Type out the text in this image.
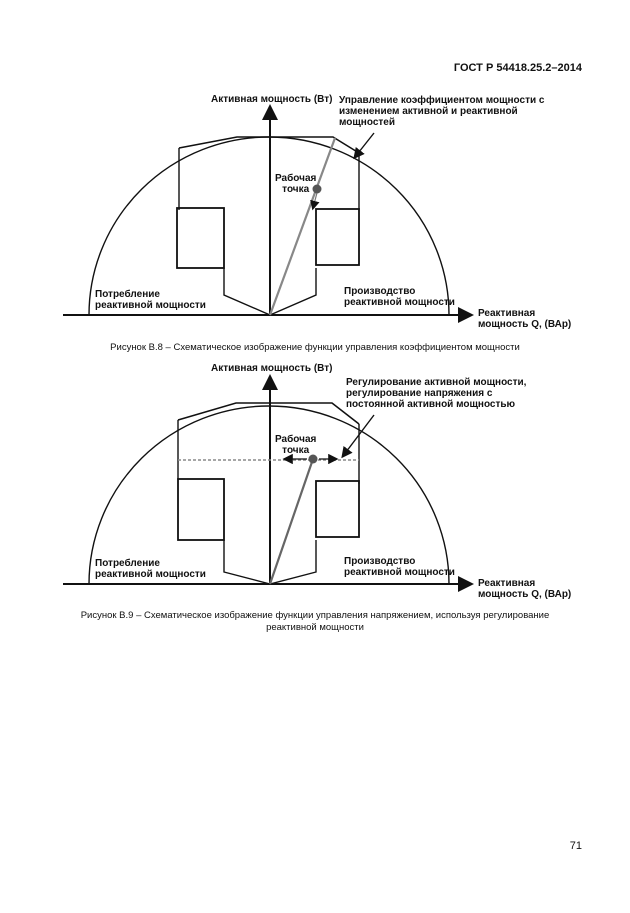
ГОСТ Р 54418.25.2–2014
Активная мощность (Вт) Управление коэффициентом мощности с
изменением активной и реактивной
мощностей
Рабочая
точка
Потребление
реактивной мощности
Производство
реактивной мощности
Реактивная
мощность Q, (ВАр)
Рисунок В.8 – Схематическое изображение функции управления коэффициентом мощности
Активная мощность (Вт)
Регулирование активной мощности,
регулирование напряжения с
постоянной активной мощностью
Рабочая
точка
Потребление
реактивной мощности
Производство
реактивной мощности
Реактивная
мощность Q, (ВАр)
Рисунок В.9 – Схематическое изображение функции управления напряжением, используя регулирование
реактивной мощности
71
